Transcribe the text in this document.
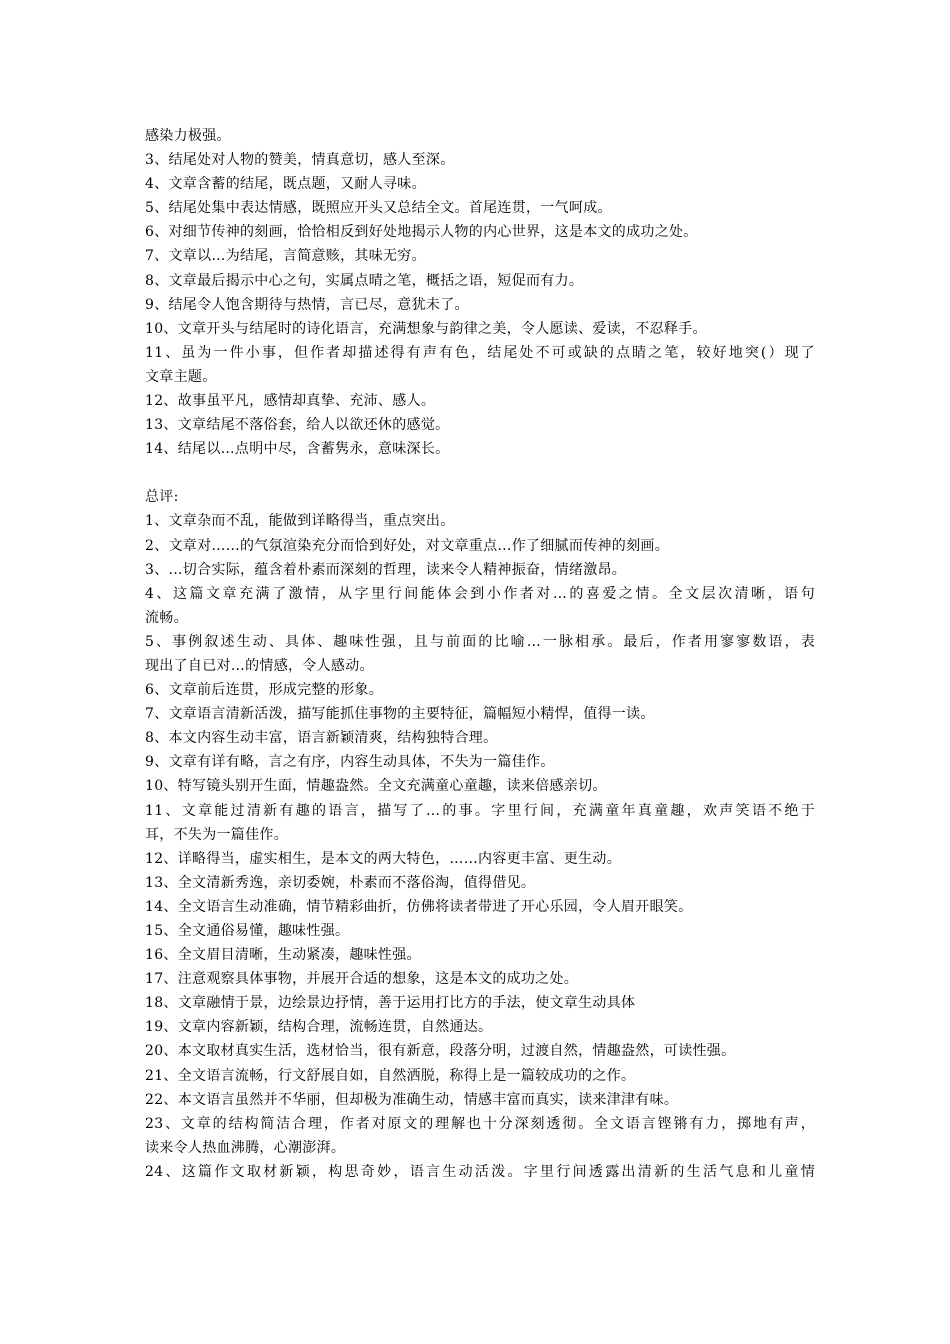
感染力极强。
3、结尾处对人物的赞美，情真意切，感人至深。
4、文章含蓄的结尾，既点题，又耐人寻味。
5、结尾处集中表达情感，既照应开头又总结全文。首尾连贯，一气呵成。
6、对细节传神的刻画，恰恰相反到好处地揭示人物的内心世界，这是本文的成功之处。
7、文章以…为结尾，言简意赅，其味无穷。
8、文章最后揭示中心之句，实属点晴之笔，概括之语，短促而有力。
9、结尾令人饱含期待与热情，言已尽，意犹未了。
10、文章开头与结尾时的诗化语言，充满想象与韵律之美，令人愿读、爱读，不忍释手。
11、虽为一件小事，但作者却描述得有声有色，结尾处不可或缺的点睛之笔，较好地突(）现了
文章主题。
12、故事虽平凡，感情却真挚、充沛、感人。
13、文章结尾不落俗套，给人以欲还休的感觉。
14、结尾以…点明中尽，含蓄隽永，意味深长。
总评:
1、文章杂而不乱，能做到详略得当，重点突出。
2、文章对……的气氛渲染充分而恰到好处，对文章重点…作了细腻而传神的刻画。
3、…切合实际，蕴含着朴素而深刻的哲理，读来令人精神振奋，情绪激昂。
4、这篇文章充满了激情，从字里行间能体会到小作者对…的喜爱之情。全文层次清晰，语句
流畅。
5、事例叙述生动、具体、趣味性强，且与前面的比喻…一脉相承。最后，作者用寥寥数语，表
现出了自已对…的情感，令人感动。
6、文章前后连贯，形成完整的形象。
7、文章语言清新活泼，描写能抓住事物的主要特征，篇幅短小精悍，值得一读。
8、本文内容生动丰富，语言新颖清爽，结构独特合理。
9、文章有详有略，言之有序，内容生动具体，不失为一篇佳作。
10、特写镜头别开生面，情趣盎然。全文充满童心童趣，读来倍感亲切。
11、文章能过清新有趣的语言，描写了…的事。字里行间，充满童年真童趣，欢声笑语不绝于
耳，不失为一篇佳作。
12、详略得当，虚实相生，是本文的两大特色，……内容更丰富、更生动。
13、全文清新秀逸，亲切委婉，朴素而不落俗淘，值得借见。
14、全文语言生动准确，情节精彩曲折，仿佛将读者带进了开心乐园，令人眉开眼笑。
15、全文通俗易懂，趣味性强。
16、全文眉目清晰，生动紧凑，趣味性强。
17、注意观察具体事物，并展开合适的想象，这是本文的成功之处。
18、文章融情于景，边绘景边抒情，善于运用打比方的手法，使文章生动具体
19、文章内容新颖，结构合理，流畅连贯，自然通达。
20、本文取材真实生活，选材恰当，很有新意，段落分明，过渡自然，情趣盎然，可读性强。
21、全文语言流畅，行文舒展自如，自然洒脱，称得上是一篇较成功的之作。
22、本文语言虽然并不华丽，但却极为准确生动，情感丰富而真实，读来津津有味。
23、文章的结构简洁合理，作者对原文的理解也十分深刻透彻。全文语言铿锵有力，掷地有声，
读来令人热血沸腾，心潮澎湃。
24、这篇作文取材新颖，构思奇妙，语言生动活泼。字里行间透露出清新的生活气息和儿童情
